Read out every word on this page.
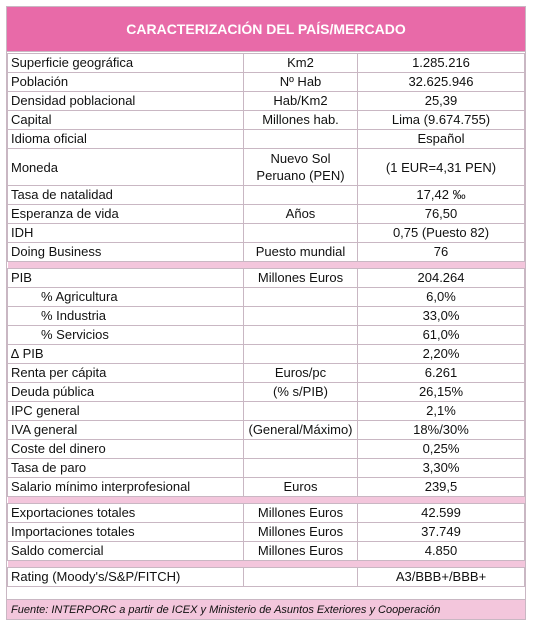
CARACTERIZACIÓN DEL PAÍS/MERCADO
Superficie geográfica	Km2	1.285.216
Población	Nº Hab	32.625.946
Densidad poblacional	Hab/Km2	25,39
Capital	Millones hab.	Lima (9.674.755)
Idioma oficial		Español
Moneda	Nuevo Sol Peruano (PEN)	(1 EUR=4,31 PEN)
Tasa de natalidad		17,42 ‰
Esperanza de vida	Años	76,50
IDH		0,75 (Puesto 82)
Doing Business	Puesto mundial	76

PIB	Millones Euros	204.264
% Agricultura		6,0%
% Industria		33,0%
% Servicios		61,0%
∆ PIB		2,20%
Renta per cápita	Euros/pc	6.261
Deuda pública	(% s/PIB)	26,15%
IPC general		2,1%
IVA general	(General/Máximo)	18%/30%
Coste del dinero		0,25%
Tasa de paro		3,30%
Salario mínimo interprofesional	Euros	239,5

Exportaciones totales	Millones Euros	42.599
Importaciones totales	Millones Euros	37.749
Saldo comercial	Millones Euros	4.850

Rating (Moody's/S&P/FITCH)		A3/BBB+/BBB+
Fuente: INTERPORC a partir de ICEX y Ministerio de Asuntos Exteriores y Cooperación
